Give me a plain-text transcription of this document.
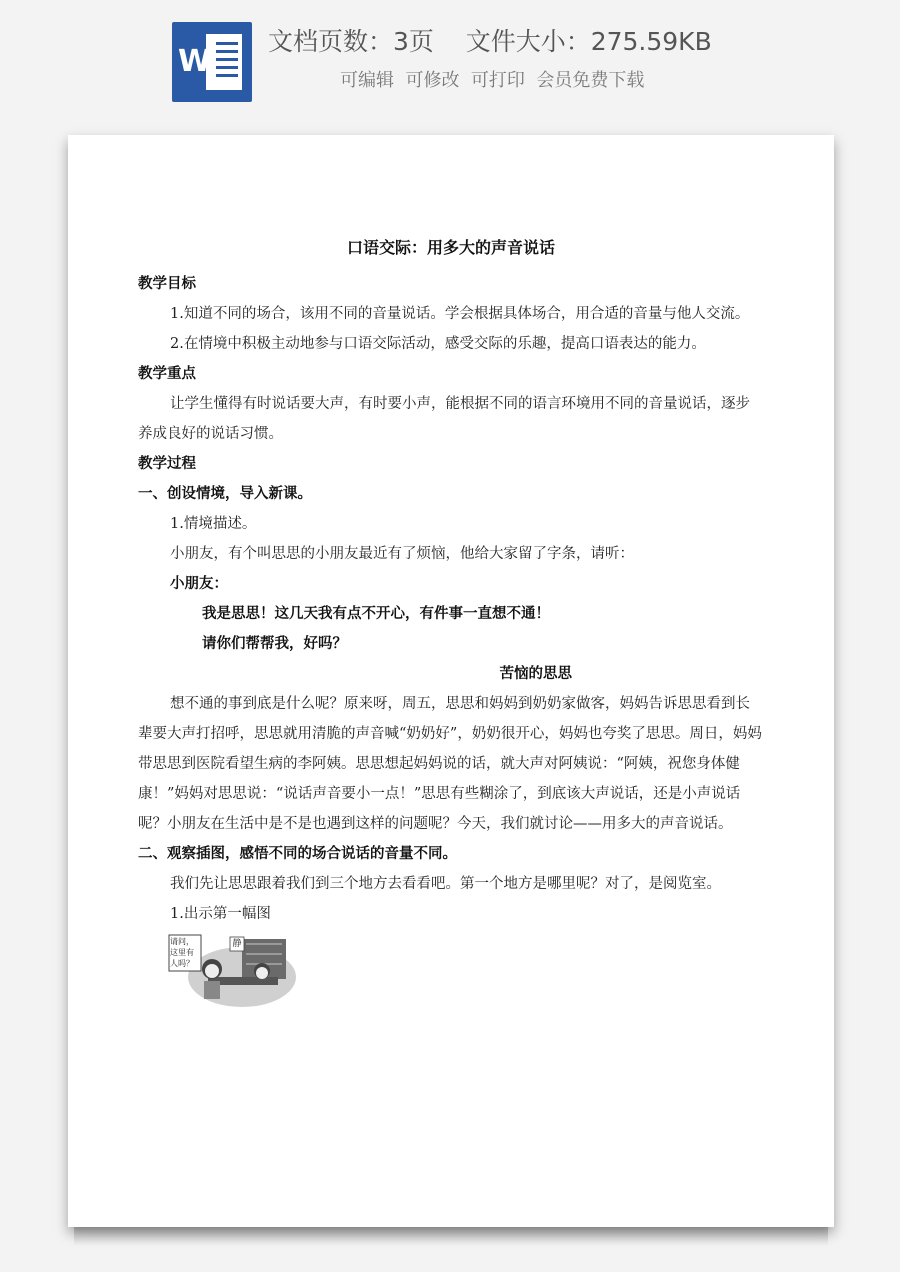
W
文档页数：3页    文件大小：275.59KB
可编辑  可修改  可打印  会员免费下载
口语交际：用多大的声音说话

教学目标

1.知道不同的场合，该用不同的音量说话。学会根据具体场合，用合适的音量与他人交流。

2.在情境中积极主动地参与口语交际活动，感受交际的乐趣，提高口语表达的能力。

教学重点

让学生懂得有时说话要大声，有时要小声，能根据不同的语言环境用不同的音量说话，逐步养成良好的说话习惯。

教学过程

一、创设情境，导入新课。

1.情境描述。

小朋友，有个叫思思的小朋友最近有了烦恼，他给大家留了字条，请听：

小朋友：

我是思思！这几天我有点不开心，有件事一直想不通！

请你们帮帮我，好吗？

苦恼的思思

想不通的事到底是什么呢？原来呀，周五，思思和妈妈到奶奶家做客，妈妈告诉思思看到长辈要大声打招呼，思思就用清脆的声音喊“奶奶好”，奶奶很开心，妈妈也夸奖了思思。周日，妈妈带思思到医院看望生病的李阿姨。思思想起妈妈说的话，就大声对阿姨说：“阿姨，祝您身体健康！”妈妈对思思说：“说话声音要小一点！”思思有些糊涂了，到底该大声说话，还是小声说话呢？小朋友在生活中是不是也遇到这样的问题呢？今天，我们就讨论——用多大的声音说话。

二、观察插图，感悟不同的场合说话的音量不同。

我们先让思思跟着我们到三个地方去看看吧。第一个地方是哪里呢？对了，是阅览室。

1.出示第一幅图

请问，这里有人吗？
静
